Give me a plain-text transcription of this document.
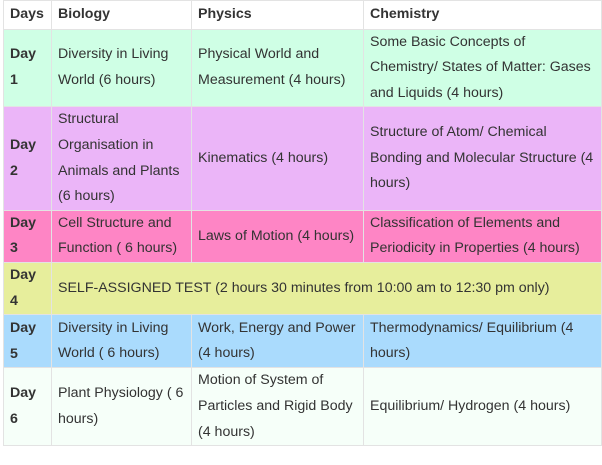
Days	Biology	Physics	Chemistry
Day 1	Diversity in Living World (6 hours)	Physical World and Measurement (4 hours)	Some Basic Concepts of Chemistry/ States of Matter: Gases and Liquids (4 hours)
Day 2	Structural Organisation in Animals and Plants (6 hours)	Kinematics (4 hours)	Structure of Atom/ Chemical Bonding and Molecular Structure (4 hours)
Day 3	Cell Structure and Function ( 6 hours)	Laws of Motion (4 hours)	Classification of Elements and Periodicity in Properties (4 hours)
Day 4	SELF-ASSIGNED TEST (2 hours 30 minutes from 10:00 am to 12:30 pm only)		
Day 5	Diversity in Living World ( 6 hours)	Work, Energy and Power (4 hours)	Thermodynamics/ Equilibrium (4 hours)
Day 6	Plant Physiology ( 6 hours)	Motion of System of Particles and Rigid Body (4 hours)	Equilibrium/ Hydrogen (4 hours)
